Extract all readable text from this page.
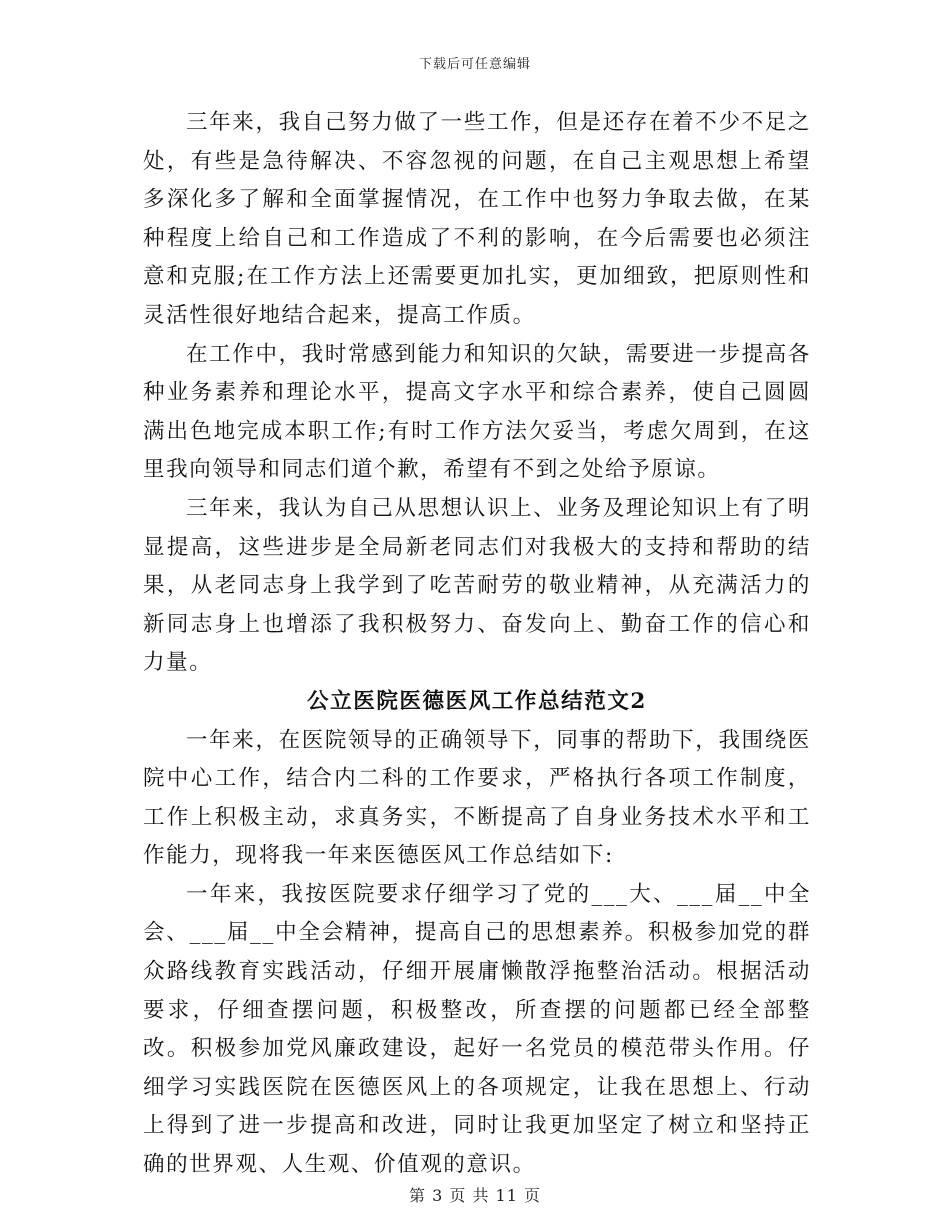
下载后可任意编辑

三年来，我自己努力做了一些工作，但是还存在着不少不足之处，有些是急待解决、不容忽视的问题，在自己主观思想上希望多深化多了解和全面掌握情况，在工作中也努力争取去做，在某种程度上给自己和工作造成了不利的影响，在今后需要也必须注意和克服;在工作方法上还需要更加扎实，更加细致，把原则性和灵活性很好地结合起来，提高工作质。

在工作中，我时常感到能力和知识的欠缺，需要进一步提高各种业务素养和理论水平，提高文字水平和综合素养，使自己圆圆满出色地完成本职工作;有时工作方法欠妥当，考虑欠周到，在这里我向领导和同志们道个歉，希望有不到之处给予原谅。

三年来，我认为自己从思想认识上、业务及理论知识上有了明显提高，这些进步是全局新老同志们对我极大的支持和帮助的结果，从老同志身上我学到了吃苦耐劳的敬业精神，从充满活力的新同志身上也增添了我积极努力、奋发向上、勤奋工作的信心和力量。

公立医院医德医风工作总结范文2

一年来，在医院领导的正确领导下，同事的帮助下，我围绕医院中心工作，结合内二科的工作要求，严格执行各项工作制度，工作上积极主动，求真务实，不断提高了自身业务技术水平和工作能力，现将我一年来医德医风工作总结如下:

一年来，我按医院要求仔细学习了党的___大、___届__中全会、___届__中全会精神，提高自己的思想素养。积极参加党的群众路线教育实践活动，仔细开展庸懒散浮拖整治活动。根据活动要求，仔细查摆问题，积极整改，所查摆的问题都已经全部整改。积极参加党风廉政建设，起好一名党员的模范带头作用。仔细学习实践医院在医德医风上的各项规定，让我在思想上、行动上得到了进一步提高和改进，同时让我更加坚定了树立和坚持正确的世界观、人生观、价值观的意识。

第 3 页 共 11 页
